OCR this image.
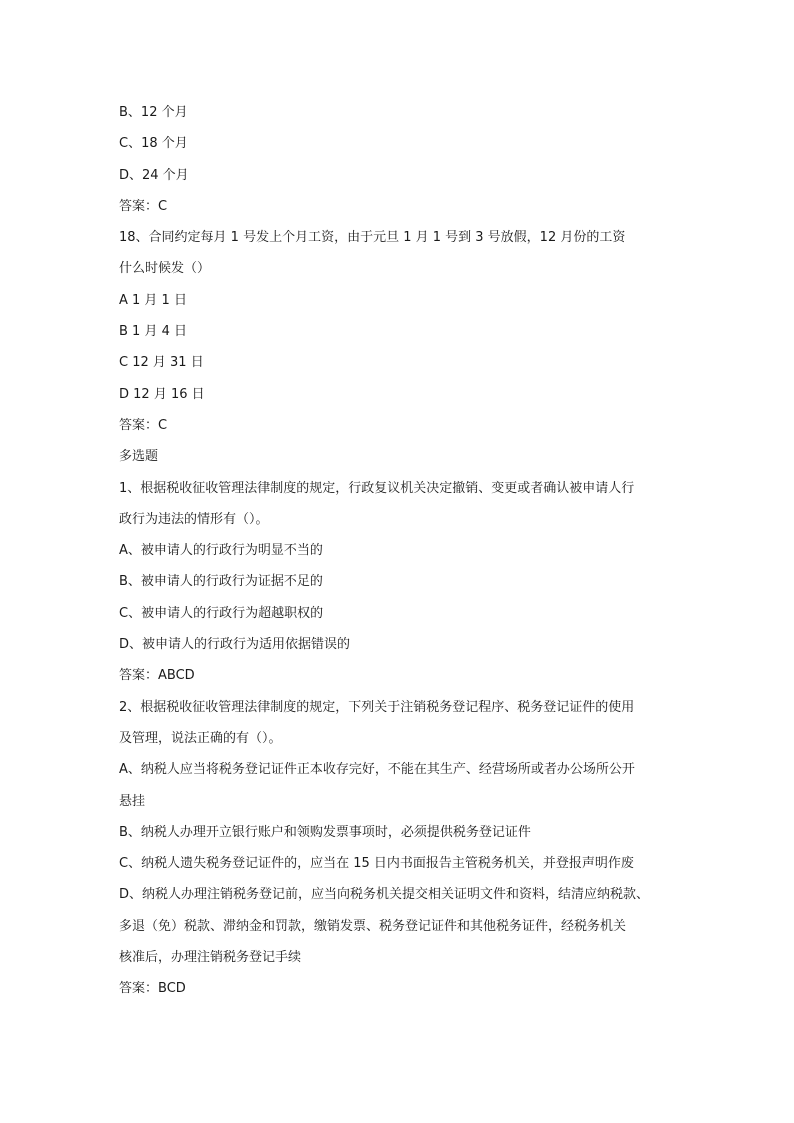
B、12 个月
C、18 个月
D、24 个月
答案：C
18、合同约定每月 1 号发上个月工资，由于元旦 1 月 1 号到 3 号放假，12 月份的工资
什么时候发（）
A 1 月 1 日
B 1 月 4 日
C 12 月 31 日
D 12 月 16 日
答案：C
多选题
1、根据税收征收管理法律制度的规定，行政复议机关决定撤销、变更或者确认被申请人行
政行为违法的情形有（）。
A、被申请人的行政行为明显不当的
B、被申请人的行政行为证据不足的
C、被申请人的行政行为超越职权的
D、被申请人的行政行为适用依据错误的
答案：ABCD
2、根据税收征收管理法律制度的规定，下列关于注销税务登记程序、税务登记证件的使用
及管理，说法正确的有（）。
A、纳税人应当将税务登记证件正本收存完好，不能在其生产、经营场所或者办公场所公开
悬挂
B、纳税人办理开立银行账户和领购发票事项时，必须提供税务登记证件
C、纳税人遗失税务登记证件的，应当在 15 日内书面报告主管税务机关，并登报声明作废
D、纳税人办理注销税务登记前，应当向税务机关提交相关证明文件和资料，结清应纳税款、
多退（免）税款、滞纳金和罚款，缴销发票、税务登记证件和其他税务证件，经税务机关
核准后，办理注销税务登记手续
答案：BCD
